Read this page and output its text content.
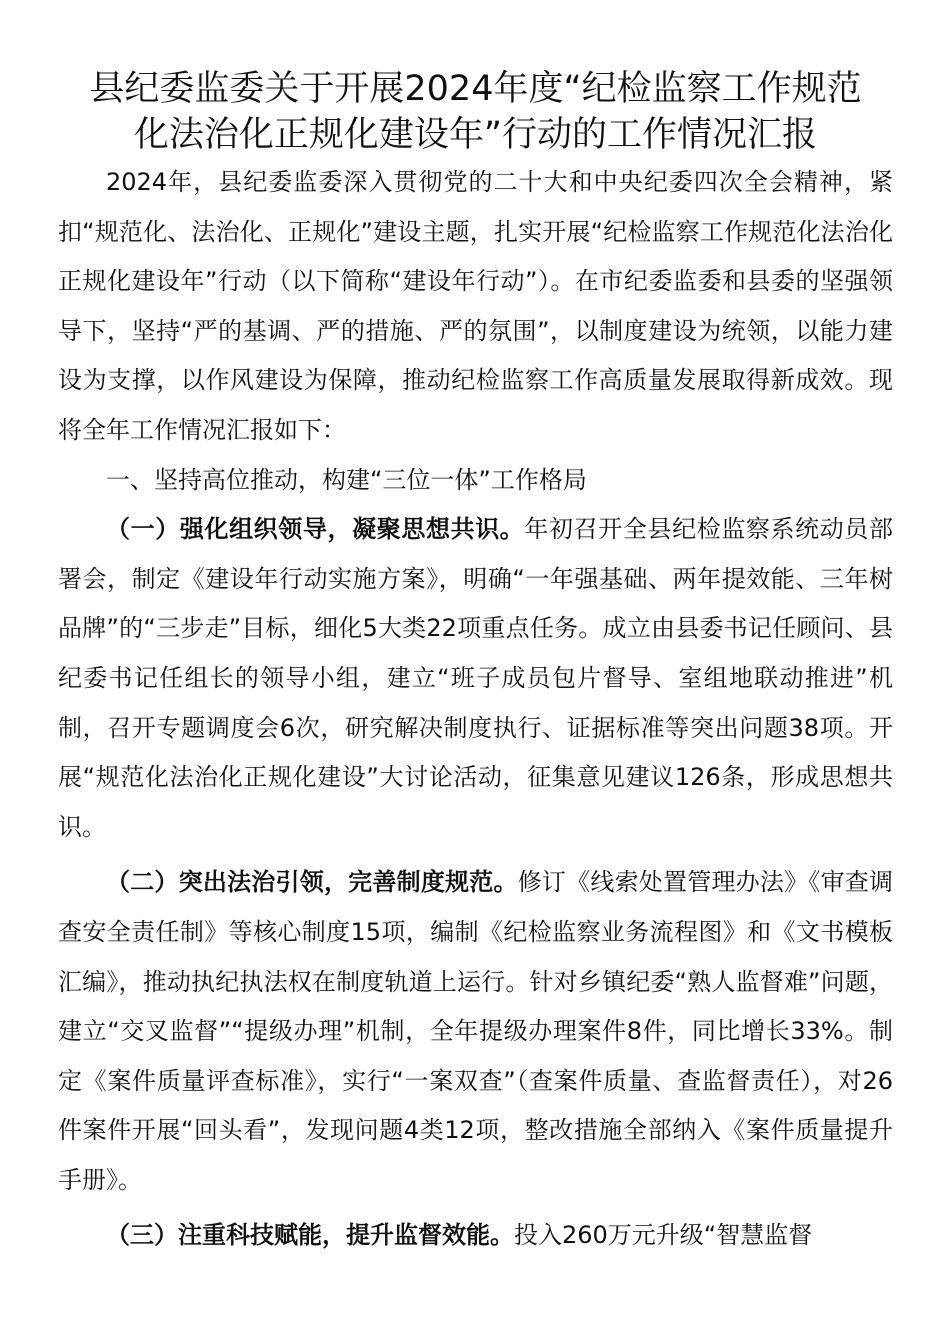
县纪委监委关于开展2024年度“纪检监察工作规范
化法治化正规化建设年”行动的工作情况汇报

2024年，县纪委监委深入贯彻党的二十大和中央纪委四次全会精神，紧扣“规范化、法治化、正规化”建设主题，扎实开展“纪检监察工作规范化法治化正规化建设年”行动（以下简称“建设年行动”）。在市纪委监委和县委的坚强领导下，坚持“严的基调、严的措施、严的氛围”，以制度建设为统领，以能力建设为支撑，以作风建设为保障，推动纪检监察工作高质量发展取得新成效。现将全年工作情况汇报如下：

一、坚持高位推动，构建“三位一体”工作格局

（一）强化组织领导，凝聚思想共识。年初召开全县纪检监察系统动员部署会，制定《建设年行动实施方案》，明确“一年强基础、两年提效能、三年树品牌”的“三步走”目标，细化5大类22项重点任务。成立由县委书记任顾问、县纪委书记任组长的领导小组，建立“班子成员包片督导、室组地联动推进”机制，召开专题调度会6次，研究解决制度执行、证据标准等突出问题38项。开展“规范化法治化正规化建设”大讨论活动，征集意见建议126条，形成思想共识。

（二）突出法治引领，完善制度规范。修订《线索处置管理办法》《审查调查安全责任制》等核心制度15项，编制《纪检监察业务流程图》和《文书模板汇编》，推动执纪执法权在制度轨道上运行。针对乡镇纪委“熟人监督难”问题，建立“交叉监督”“提级办理”机制，全年提级办理案件8件，同比增长33%。制定《案件质量评查标准》，实行“一案双查”（查案件质量、查监督责任），对26件案件开展“回头看”，发现问题4类12项，整改措施全部纳入《案件质量提升手册》。

（三）注重科技赋能，提升监督效能。投入260万元升级“智慧监督
